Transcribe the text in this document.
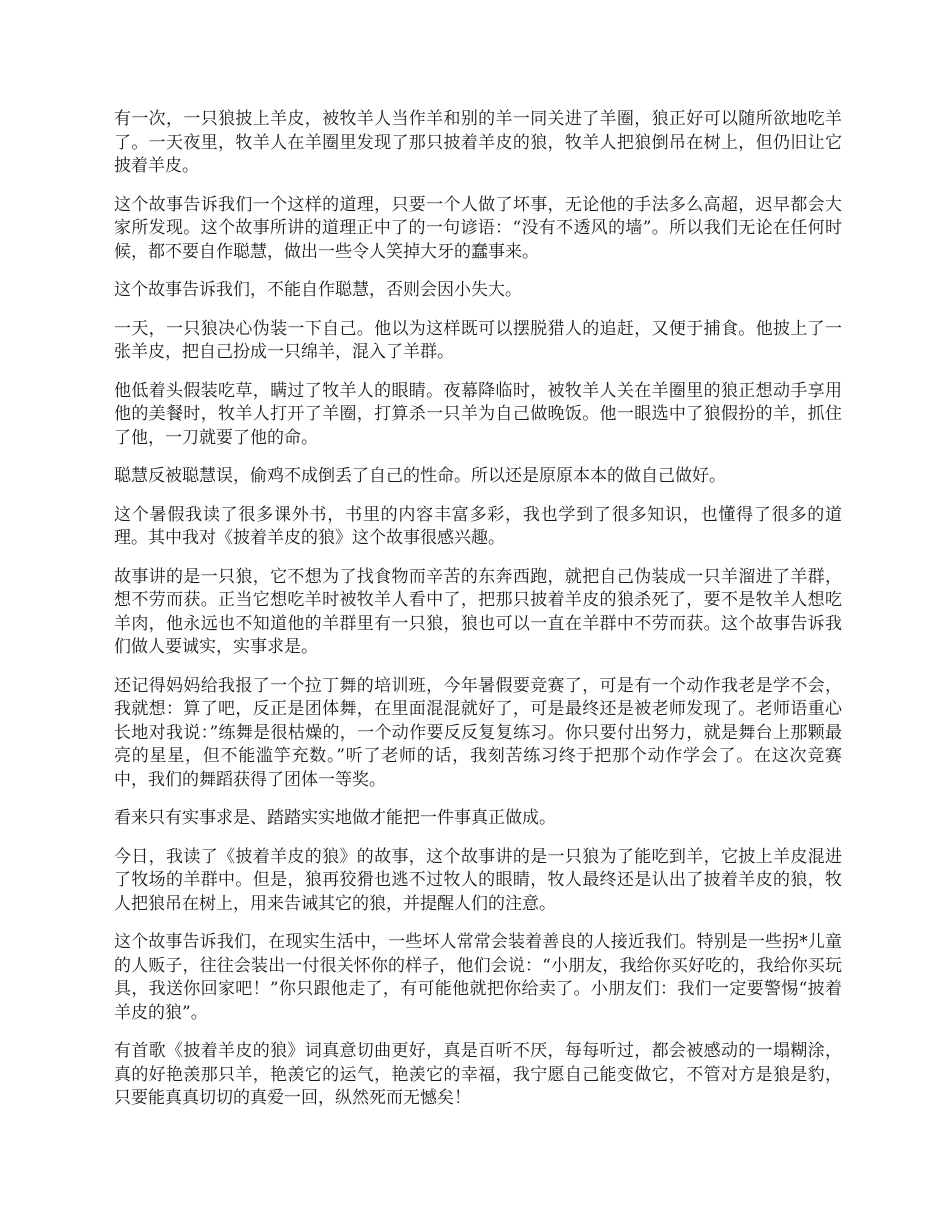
有一次，一只狼披上羊皮，被牧羊人当作羊和别的羊一同关进了羊圈，狼正好可以随所欲地吃羊了。一天夜里，牧羊人在羊圈里发现了那只披着羊皮的狼，牧羊人把狼倒吊在树上，但仍旧让它披着羊皮。

这个故事告诉我们一个这样的道理，只要一个人做了坏事，无论他的手法多么高超，迟早都会大家所发现。这个故事所讲的道理正中了的一句谚语：“没有不透风的墙”。所以我们无论在任何时候，都不要自作聪慧，做出一些令人笑掉大牙的蠢事来。

这个故事告诉我们，不能自作聪慧，否则会因小失大。

一天，一只狼决心伪装一下自己。他以为这样既可以摆脱猎人的追赶，又便于捕食。他披上了一张羊皮，把自己扮成一只绵羊，混入了羊群。

他低着头假装吃草，瞒过了牧羊人的眼睛。夜幕降临时，被牧羊人关在羊圈里的狼正想动手享用他的美餐时，牧羊人打开了羊圈，打算杀一只羊为自己做晚饭。他一眼选中了狼假扮的羊，抓住了他，一刀就要了他的命。

聪慧反被聪慧误，偷鸡不成倒丢了自己的性命。所以还是原原本本的做自己做好。

这个暑假我读了很多课外书，书里的内容丰富多彩，我也学到了很多知识，也懂得了很多的道理。其中我对《披着羊皮的狼》这个故事很感兴趣。

故事讲的是一只狼，它不想为了找食物而辛苦的东奔西跑，就把自己伪装成一只羊溜进了羊群，想不劳而获。正当它想吃羊时被牧羊人看中了，把那只披着羊皮的狼杀死了，要不是牧羊人想吃羊肉，他永远也不知道他的羊群里有一只狼，狼也可以一直在羊群中不劳而获。这个故事告诉我们做人要诚实，实事求是。

还记得妈妈给我报了一个拉丁舞的培训班，今年暑假要竞赛了，可是有一个动作我老是学不会，我就想：算了吧，反正是团体舞，在里面混混就好了，可是最终还是被老师发现了。老师语重心长地对我说：”练舞是很枯燥的，一个动作要反反复复练习。你只要付出努力，就是舞台上那颗最亮的星星，但不能滥竽充数。”听了老师的话，我刻苦练习终于把那个动作学会了。在这次竞赛中，我们的舞蹈获得了团体一等奖。

看来只有实事求是、踏踏实实地做才能把一件事真正做成。

今日，我读了《披着羊皮的狼》的故事，这个故事讲的是一只狼为了能吃到羊，它披上羊皮混进了牧场的羊群中。但是，狼再狡猾也逃不过牧人的眼睛，牧人最终还是认出了披着羊皮的狼，牧人把狼吊在树上，用来告诫其它的狼，并提醒人们的注意。

这个故事告诉我们，在现实生活中，一些坏人常常会装着善良的人接近我们。特别是一些拐*儿童的人贩子，往往会装出一付很关怀你的样子，他们会说：“小朋友，我给你买好吃的，我给你买玩具，我送你回家吧！”你只跟他走了，有可能他就把你给卖了。小朋友们：我们一定要警惕“披着羊皮的狼”。

有首歌《披着羊皮的狼》词真意切曲更好，真是百听不厌，每每听过，都会被感动的一塌糊涂，真的好艳羡那只羊，艳羡它的运气，艳羡它的幸福，我宁愿自己能变做它，不管对方是狼是豹，只要能真真切切的真爱一回，纵然死而无憾矣！
